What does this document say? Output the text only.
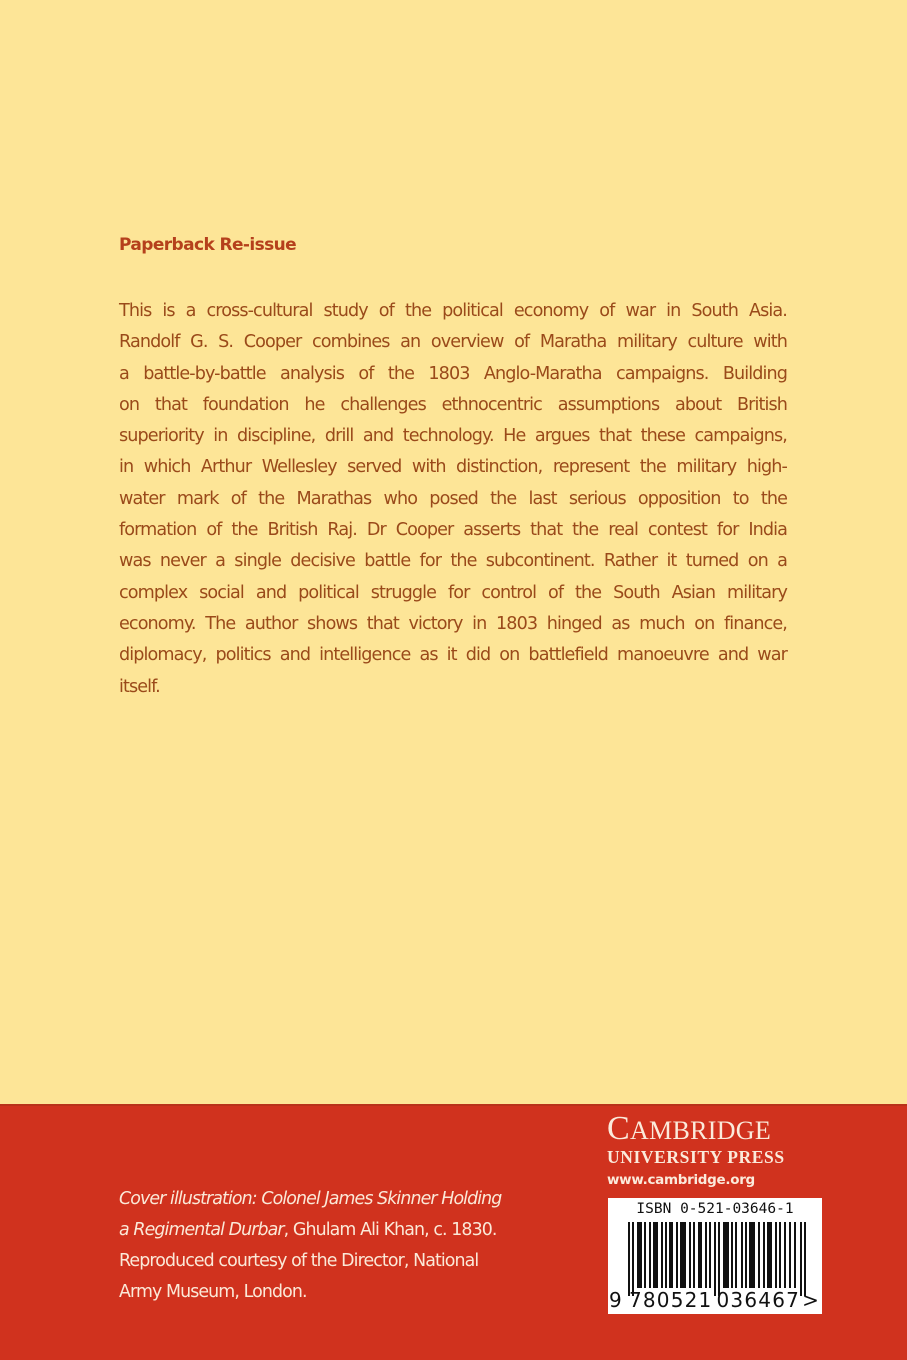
Paperback Re-issue
This is a cross-cultural study of the political economy of war in South Asia.
Randolf G. S. Cooper combines an overview of Maratha military culture with
a battle-by-battle analysis of the 1803 Anglo-Maratha campaigns. Building
on that foundation he challenges ethnocentric assumptions about British
superiority in discipline, drill and technology. He argues that these campaigns,
in which Arthur Wellesley served with distinction, represent the military high-
water mark of the Marathas who posed the last serious opposition to the
formation of the British Raj. Dr Cooper asserts that the real contest for India
was never a single decisive battle for the subcontinent. Rather it turned on a
complex social and political struggle for control of the South Asian military
economy. The author shows that victory in 1803 hinged as much on finance,
diplomacy, politics and intelligence as it did on battlefield manoeuvre and war
itself.
Cover illustration: Colonel James Skinner Holding
a Regimental Durbar, Ghulam Ali Khan, c. 1830.
Reproduced courtesy of the Director, National
Army Museum, London.
CAMBRIDGE
UNIVERSITY PRESS
www.cambridge.org
ISBN 0-521-03646-1
9 780521 036467 >
